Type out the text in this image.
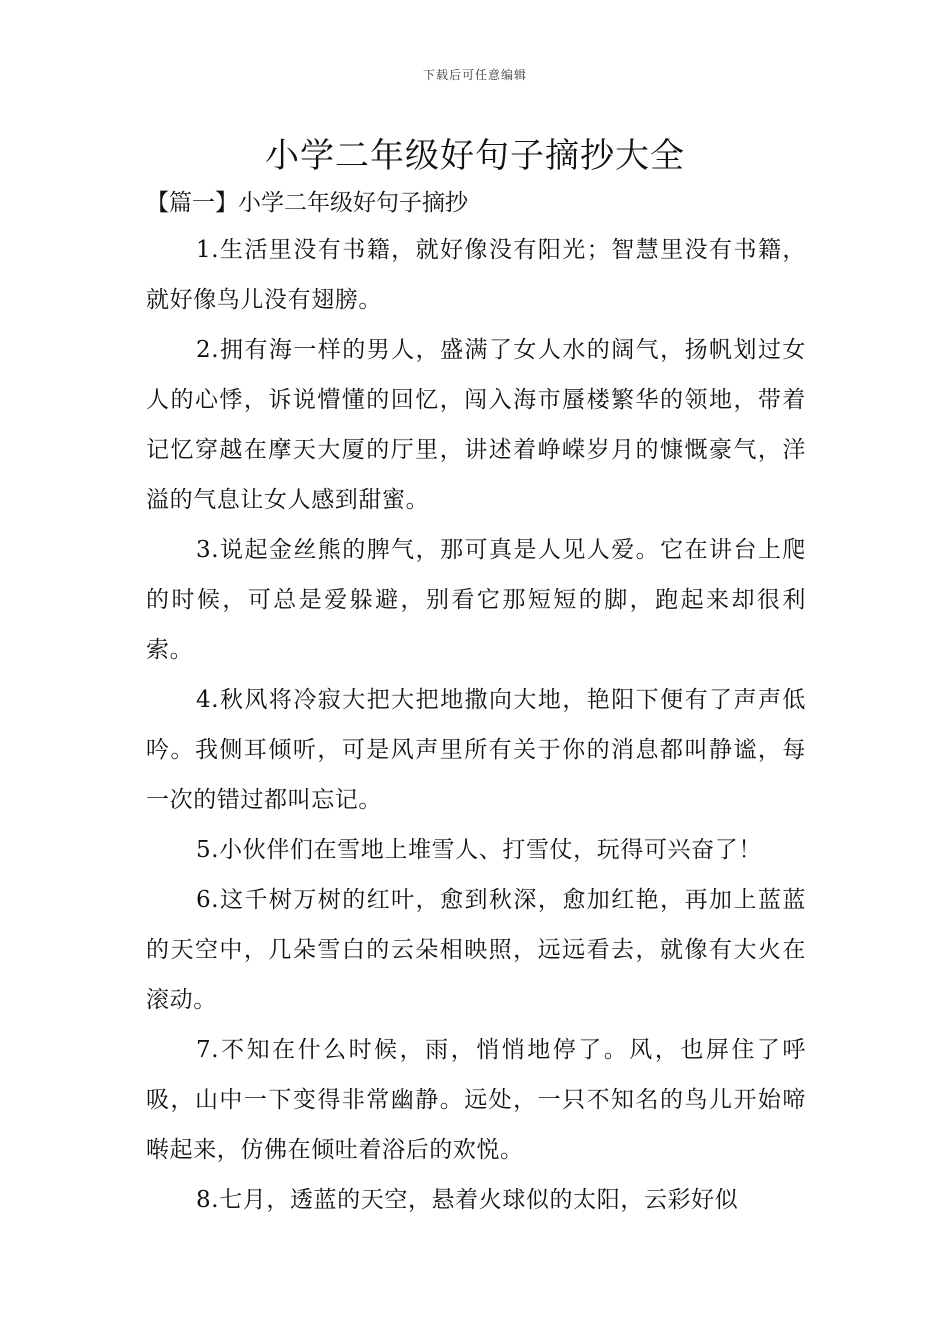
下载后可任意编辑
小学二年级好句子摘抄大全
【篇一】小学二年级好句子摘抄

1.生活里没有书籍，就好像没有阳光；智慧里没有书籍，就好像鸟儿没有翅膀。

2.拥有海一样的男人，盛满了女人水的阔气，扬帆划过女人的心悸，诉说懵懂的回忆，闯入海市蜃楼繁华的领地，带着记忆穿越在摩天大厦的厅里，讲述着峥嵘岁月的慷慨豪气，洋溢的气息让女人感到甜蜜。

3.说起金丝熊的脾气，那可真是人见人爱。它在讲台上爬的时候，可总是爱躲避，别看它那短短的脚，跑起来却很利索。

4.秋风将冷寂大把大把地撒向大地，艳阳下便有了声声低吟。我侧耳倾听，可是风声里所有关于你的消息都叫静谧，每一次的错过都叫忘记。

5.小伙伴们在雪地上堆雪人、打雪仗，玩得可兴奋了！

6.这千树万树的红叶，愈到秋深，愈加红艳，再加上蓝蓝的天空中，几朵雪白的云朵相映照，远远看去，就像有大火在滚动。

7.不知在什么时候，雨，悄悄地停了。风，也屏住了呼吸，山中一下变得非常幽静。远处，一只不知名的鸟儿开始啼啭起来，仿佛在倾吐着浴后的欢悦。

8.七月，透蓝的天空，悬着火球似的太阳，云彩好似
